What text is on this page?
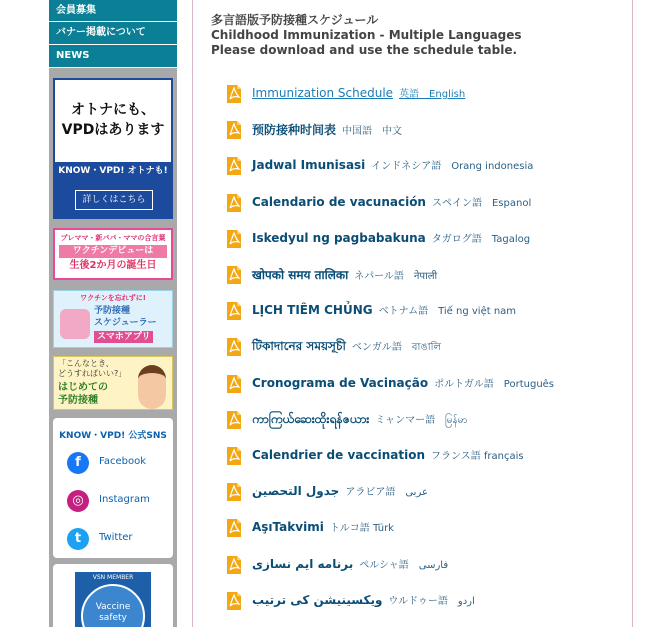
会員募集
バナー掲載について
NEWS
オトナにも、
VPDはあります
KNOW・VPD! オトナも!
詳しくはこちら
プレママ・新パパ・ママの合言葉
ワクチンデビューは
生後2か月の誕生日
ワクチンを忘れずに!
予防接種
スケジューラー
スマホアプリ
「こんなとき、
どうすればいい?」
はじめての
予防接種
KNOW・VPD! 公式SNS
f	Facebook
◎	Instagram
t	Twitter
VSN MEMBER
Vaccine safety
多言語版予防接種スケジュール
Childhood Immunization - Multiple Languages
Please download and use the schedule table.
Immunization Schedule 英語　English
预防接种时间表 中国語　中文
Jadwal Imunisasi インドネシア語　Orang indonesia
Calendario de vacunación スペイン語　Espanol
Iskedyul ng pagbabakuna タガログ語　Tagalog
खोपको समय तालिका ネパール語　नेपाली
LỊCH TIÊM CHỦNG ベトナム語　Tiế ng việt nam
টিকাদানের সময়সূচী ベンガル語　বাঙালি
Cronograma de Vacinação ポルトガル語　Português
ကာကြယ်ဆေးထိုးရန်ဇယား ミャンマー語　မြန်မာ
Calendrier de vaccination フランス語 français
جدول التحصين アラビア語　عربى
AşıTakvimi トルコ語 Türk
برنامه ایم نسازی ペルシャ語　فارسی
ویکسینیشن کی ترتیب ウルドゥー語　اردو
